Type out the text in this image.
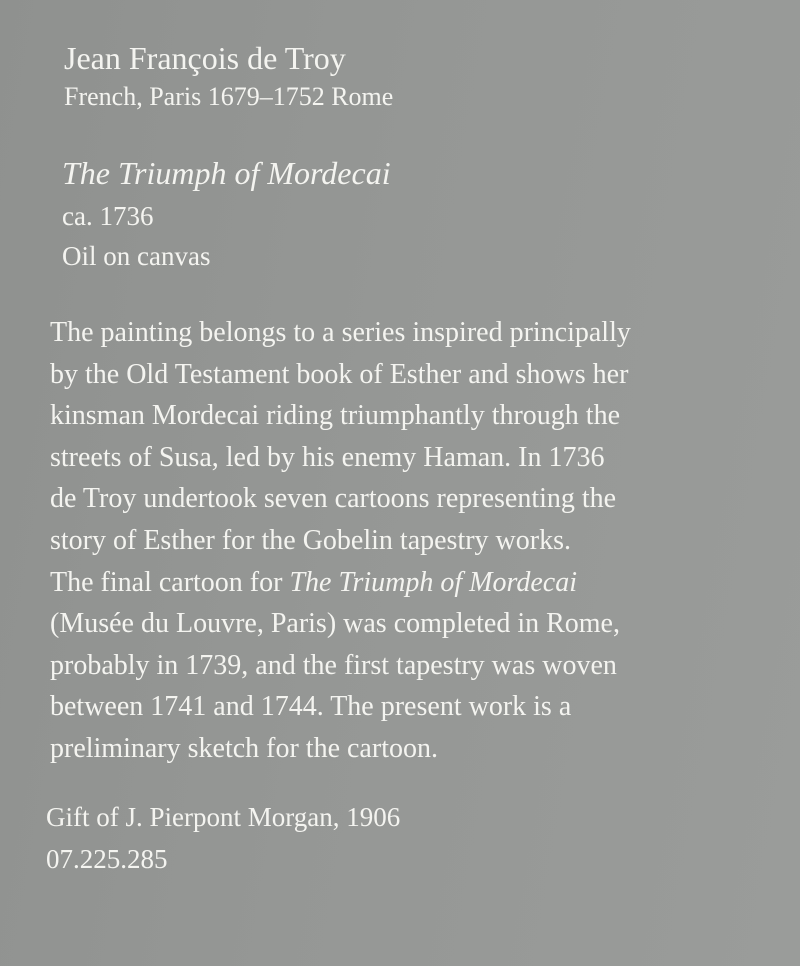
Jean François de Troy
French, Paris 1679–1752 Rome
The Triumph of Mordecai
ca. 1736
Oil on canvas
The painting belongs to a series inspired principally
by the Old Testament book of Esther and shows her
kinsman Mordecai riding triumphantly through the
streets of Susa, led by his enemy Haman. In 1736
de Troy undertook seven cartoons representing the
story of Esther for the Gobelin tapestry works.
The final cartoon for The Triumph of Mordecai
(Musée du Louvre, Paris) was completed in Rome,
probably in 1739, and the first tapestry was woven
between 1741 and 1744. The present work is a
preliminary sketch for the cartoon.
Gift of J. Pierpont Morgan, 1906
07.225.285
